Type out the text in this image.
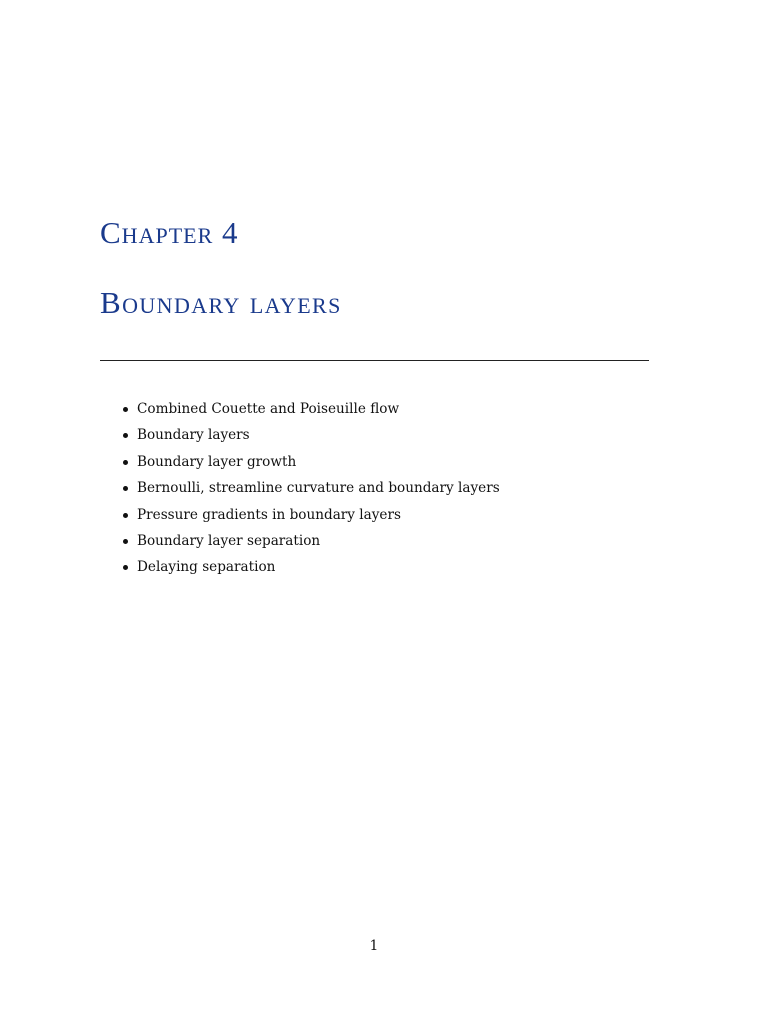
Chapter 4
Boundary layers
Combined Couette and Poiseuille flow
Boundary layers
Boundary layer growth
Bernoulli, streamline curvature and boundary layers
Pressure gradients in boundary layers
Boundary layer separation
Delaying separation
1
